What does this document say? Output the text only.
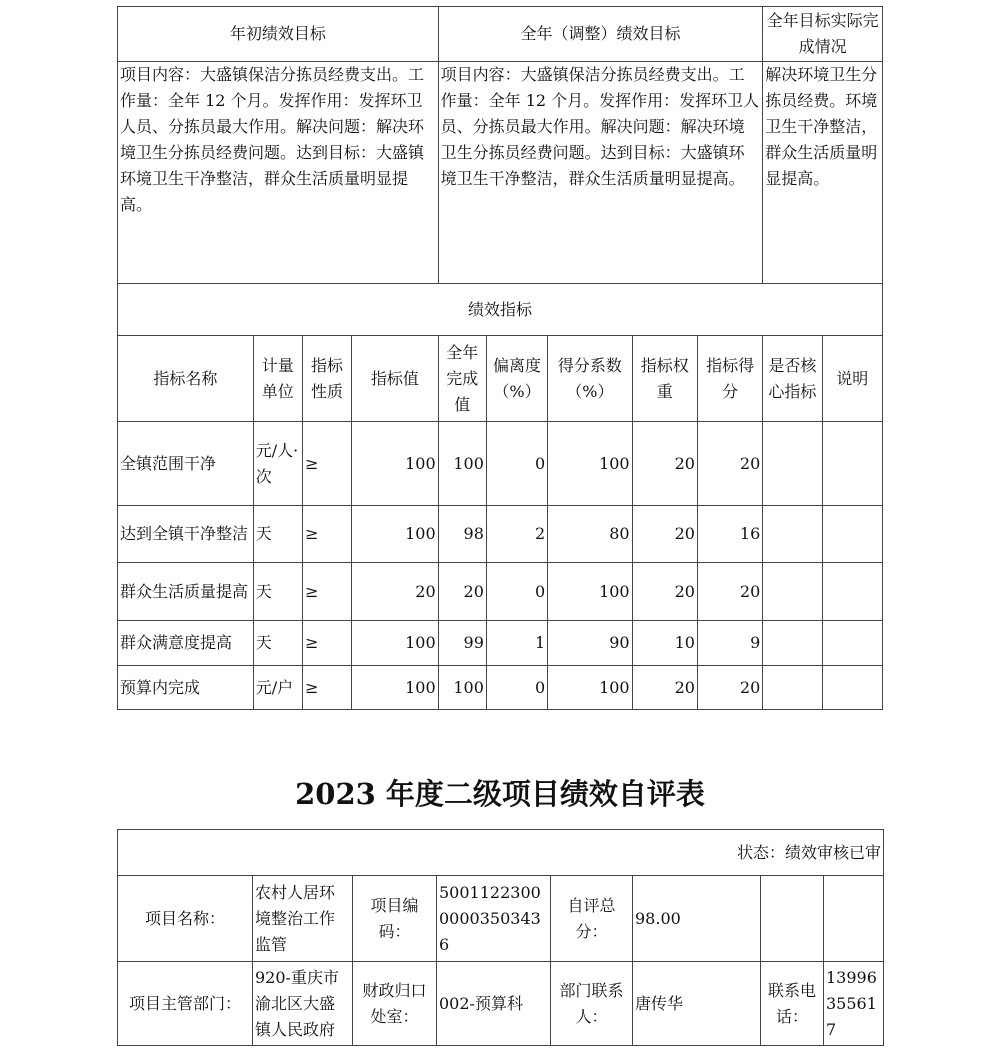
年初绩效目标				全年（调整）绩效目标					全年目标实际完成情况	
项目内容：大盛镇保洁分拣员经费支出。工作量：全年 12 个月。发挥作用：发挥环卫人员、分拣员最大作用。解决问题：解决环境卫生分拣员经费问题。达到目标：大盛镇环境卫生干净整洁，群众生活质量明显提高。				项目内容：大盛镇保洁分拣员经费支出。工作量：全年 12 个月。发挥作用：发挥环卫人员、分拣员最大作用。解决问题：解决环境卫生分拣员经费问题。达到目标：大盛镇环境卫生干净整洁，群众生活质量明显提高。					解决环境卫生分拣员经费。环境卫生干净整洁，群众生活质量明显提高。	
绩效指标										
指标名称	计量单位	指标性质	指标值	全年完成值	偏离度（%）	得分系数（%）	指标权重	指标得分	是否核心指标	说明
全镇范围干净	元/人·次	≥	100	100	0	100	20	20		
达到全镇干净整洁	天	≥	100	98	2	80	20	16		
群众生活质量提高	天	≥	20	20	0	100	20	20		
群众满意度提高	天	≥	100	99	1	90	10	9		
预算内完成	元/户	≥	100	100	0	100	20	20		
2023 年度二级项目绩效自评表
状态：绩效审核已审							
项目名称：	农村人居环境整治工作监管	项目编码：	500112230000003503436	自评总分：	98.00		
项目主管部门：	920-重庆市渝北区大盛镇人民政府	财政归口处室：	002-预算科	部门联系人：	唐传华	联系电话：	13996355617
